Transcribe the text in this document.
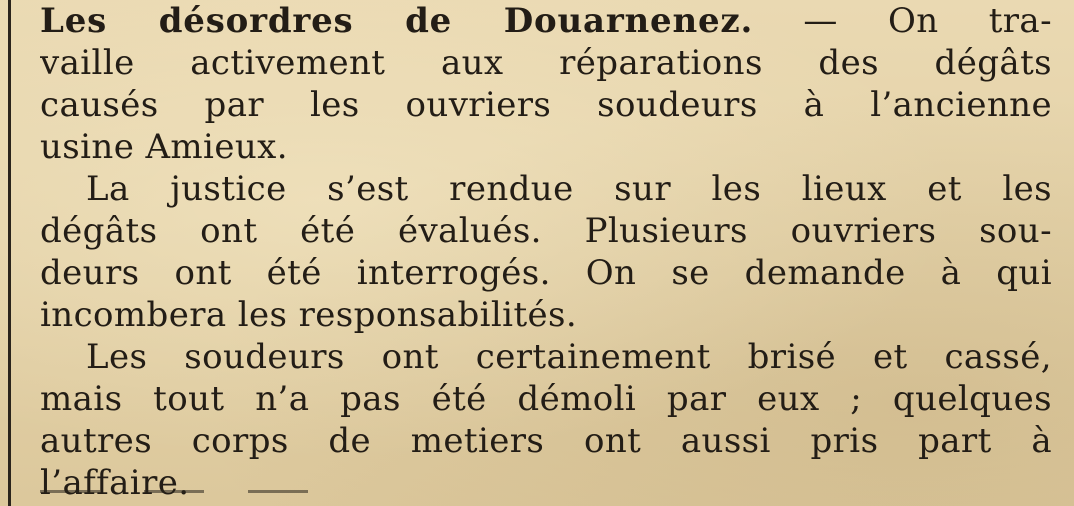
Les désordres de Douarnenez. — On tra-
vaille activement aux réparations des dégâts
causés par les ouvriers soudeurs à l’ancienne
usine Amieux.

La justice s’est rendue sur les lieux et les
dégâts ont été évalués. Plusieurs ouvriers sou-
deurs ont été interrogés. On se demande à qui
incombera les responsabilités.

Les soudeurs ont certainement brisé et cassé,
mais tout n’a pas été démoli par eux ; quelques
autres corps de metiers ont aussi pris part à
l’affaire.
